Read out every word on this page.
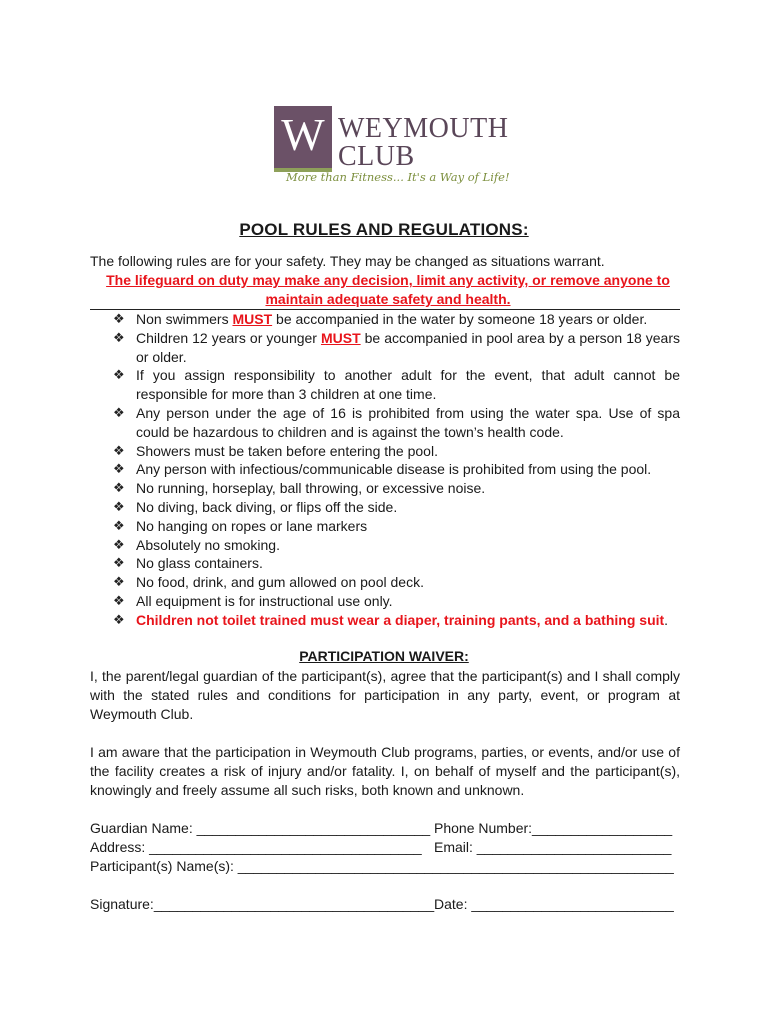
W WEYMOUTH
CLUB
More than Fitness... It's a Way of Life!
POOL RULES AND REGULATIONS:
The following rules are for your safety. They may be changed as situations warrant.
The lifeguard on duty may make any decision, limit any activity, or remove anyone to maintain adequate safety and health.
❖ Non swimmers MUST be accompanied in the water by someone 18 years or older.
❖ Children 12 years or younger MUST be accompanied in pool area by a person 18 years or older.
❖ If you assign responsibility to another adult for the event, that adult cannot be responsible for more than 3 children at one time.
❖ Any person under the age of 16 is prohibited from using the water spa. Use of spa could be hazardous to children and is against the town’s health code.
❖ Showers must be taken before entering the pool.
❖ Any person with infectious/communicable disease is prohibited from using the pool.
❖ No running, horseplay, ball throwing, or excessive noise.
❖ No diving, back diving, or flips off the side.
❖ No hanging on ropes or lane markers
❖ Absolutely no smoking.
❖ No glass containers.
❖ No food, drink, and gum allowed on pool deck.
❖ All equipment is for instructional use only.
❖ Children not toilet trained must wear a diaper, training pants, and a bathing suit.
PARTICIPATION WAIVER:
I, the parent/legal guardian of the participant(s), agree that the participant(s) and I shall comply with the stated rules and conditions for participation in any party, event, or program at Weymouth Club.
I am aware that the participation in Weymouth Club programs, parties, or events, and/or use of the facility creates a risk of injury and/or fatality. I, on behalf of myself and the participant(s), knowingly and freely assume all such risks, both known and unknown.
Guardian Name: ______________________________ Phone Number:__________________
Address: ___________________________________ Email: _________________________
Participant(s) Name(s): ________________________________________________________
Signature:____________________________________ Date: __________________________
